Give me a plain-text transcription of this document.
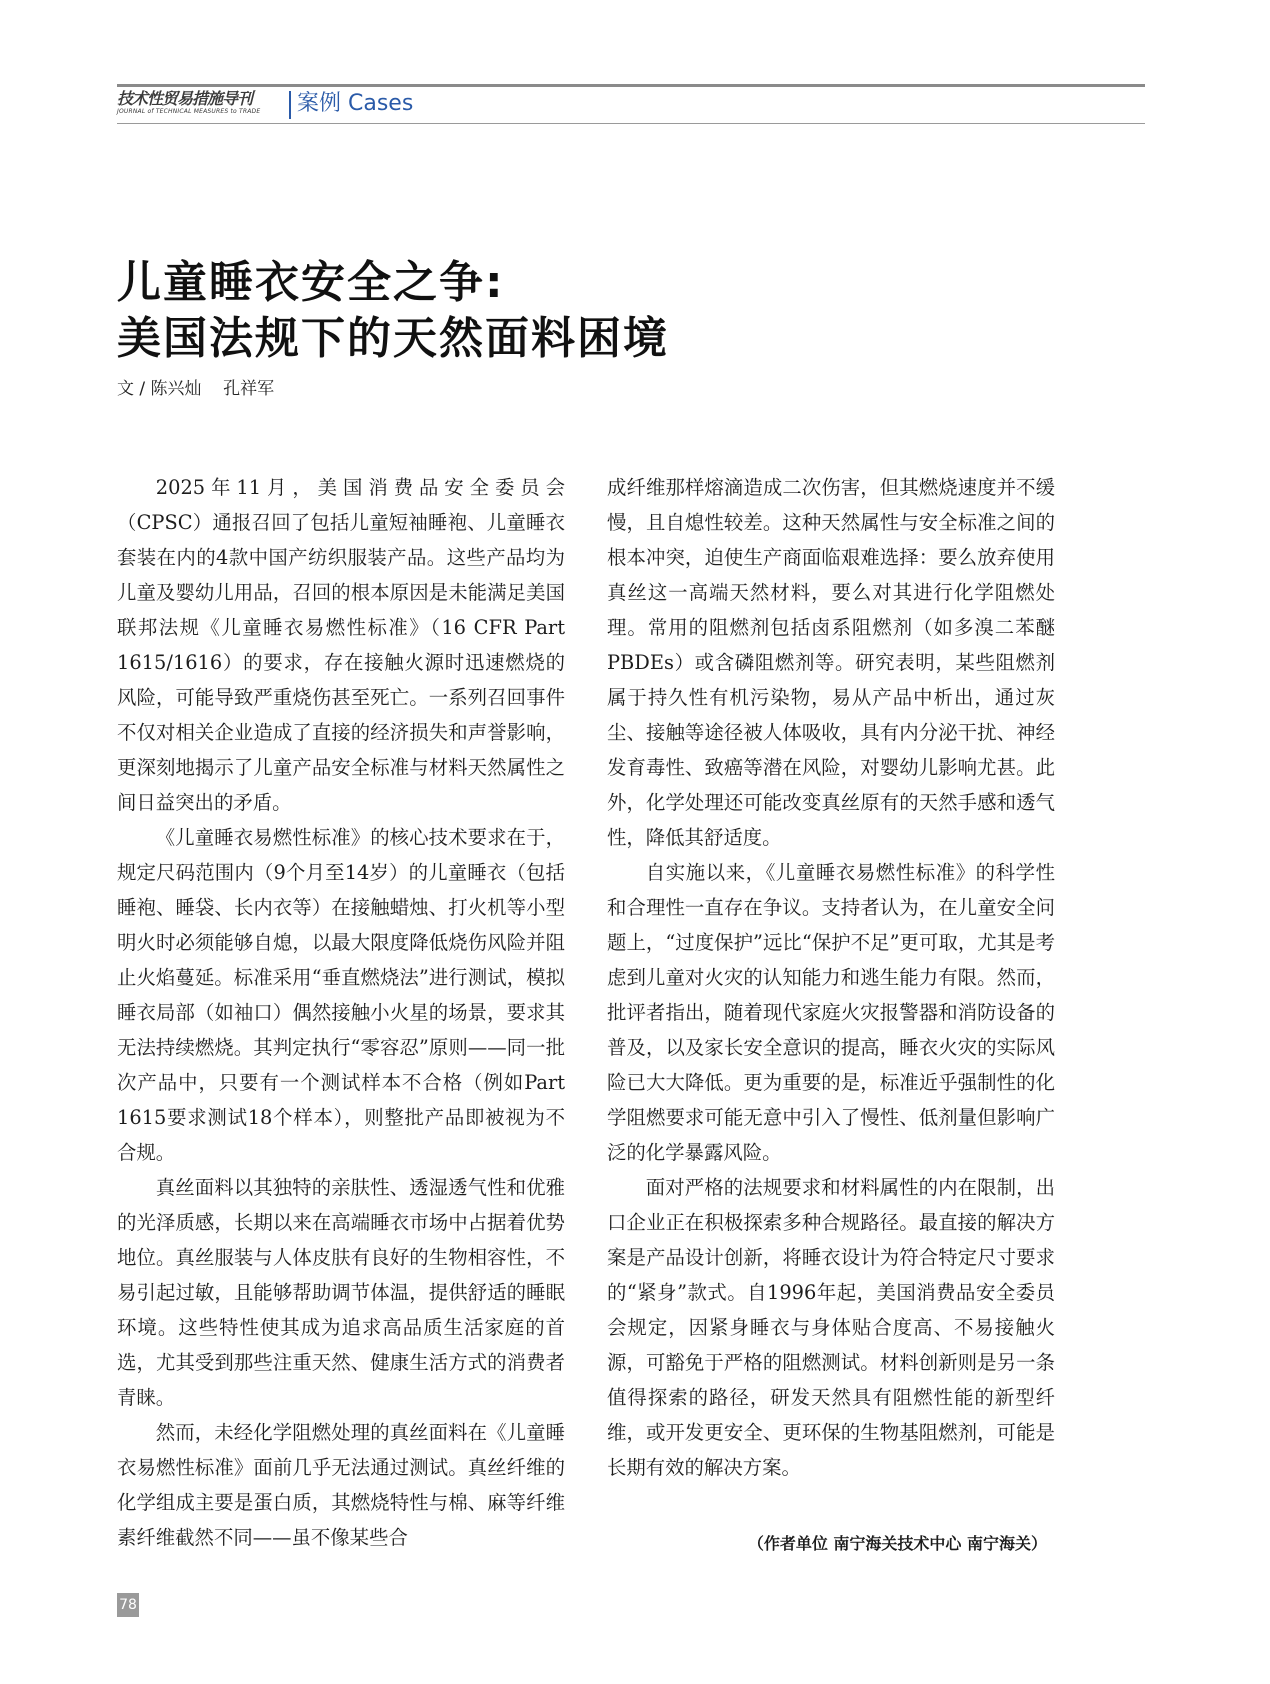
技术性贸易措施导刊
JOURNAL of TECHNICAL MEASURES to TRADE	案例 Cases
儿童睡衣安全之争:
美国法规下的天然面料困境
文 / 陈兴灿    孔祥军

2025年11月，美国消费品安全委员会（CPSC）通报召回了包括儿童短袖睡袍、儿童睡衣套装在内的4款中国产纺织服装产品。这些产品均为儿童及婴幼儿用品，召回的根本原因是未能满足美国联邦法规《儿童睡衣易燃性标准》（16 CFR Part 1615/1616）的要求，存在接触火源时迅速燃烧的风险，可能导致严重烧伤甚至死亡。一系列召回事件不仅对相关企业造成了直接的经济损失和声誉影响，更深刻地揭示了儿童产品安全标准与材料天然属性之间日益突出的矛盾。

《儿童睡衣易燃性标准》的核心技术要求在于，规定尺码范围内（9个月至14岁）的儿童睡衣（包括睡袍、睡袋、长内衣等）在接触蜡烛、打火机等小型明火时必须能够自熄，以最大限度降低烧伤风险并阻止火焰蔓延。标准采用“垂直燃烧法”进行测试，模拟睡衣局部（如袖口）偶然接触小火星的场景，要求其无法持续燃烧。其判定执行“零容忍”原则——同一批次产品中，只要有一个测试样本不合格（例如Part 1615要求测试18个样本），则整批产品即被视为不合规。

真丝面料以其独特的亲肤性、透湿透气性和优雅的光泽质感，长期以来在高端睡衣市场中占据着优势地位。真丝服装与人体皮肤有良好的生物相容性，不易引起过敏，且能够帮助调节体温，提供舒适的睡眠环境。这些特性使其成为追求高品质生活家庭的首选，尤其受到那些注重天然、健康生活方式的消费者青睐。

然而，未经化学阻燃处理的真丝面料在《儿童睡衣易燃性标准》面前几乎无法通过测试。真丝纤维的化学组成主要是蛋白质，其燃烧特性与棉、麻等纤维素纤维截然不同——虽不像某些合

成纤维那样熔滴造成二次伤害，但其燃烧速度并不缓慢，且自熄性较差。这种天然属性与安全标准之间的根本冲突，迫使生产商面临艰难选择：要么放弃使用真丝这一高端天然材料，要么对其进行化学阻燃处理。常用的阻燃剂包括卤系阻燃剂（如多溴二苯醚PBDEs）或含磷阻燃剂等。研究表明，某些阻燃剂属于持久性有机污染物，易从产品中析出，通过灰尘、接触等途径被人体吸收，具有内分泌干扰、神经发育毒性、致癌等潜在风险，对婴幼儿影响尤甚。此外，化学处理还可能改变真丝原有的天然手感和透气性，降低其舒适度。

自实施以来，《儿童睡衣易燃性标准》的科学性和合理性一直存在争议。支持者认为，在儿童安全问题上，“过度保护”远比“保护不足”更可取，尤其是考虑到儿童对火灾的认知能力和逃生能力有限。然而，批评者指出，随着现代家庭火灾报警器和消防设备的普及，以及家长安全意识的提高，睡衣火灾的实际风险已大大降低。更为重要的是，标准近乎强制性的化学阻燃要求可能无意中引入了慢性、低剂量但影响广泛的化学暴露风险。

面对严格的法规要求和材料属性的内在限制，出口企业正在积极探索多种合规路径。最直接的解决方案是产品设计创新，将睡衣设计为符合特定尺寸要求的“紧身”款式。自1996年起，美国消费品安全委员会规定，因紧身睡衣与身体贴合度高、不易接触火源，可豁免于严格的阻燃测试。材料创新则是另一条值得探索的路径，研发天然具有阻燃性能的新型纤维，或开发更安全、更环保的生物基阻燃剂，可能是长期有效的解决方案。

（作者单位 南宁海关技术中心 南宁海关）
78
